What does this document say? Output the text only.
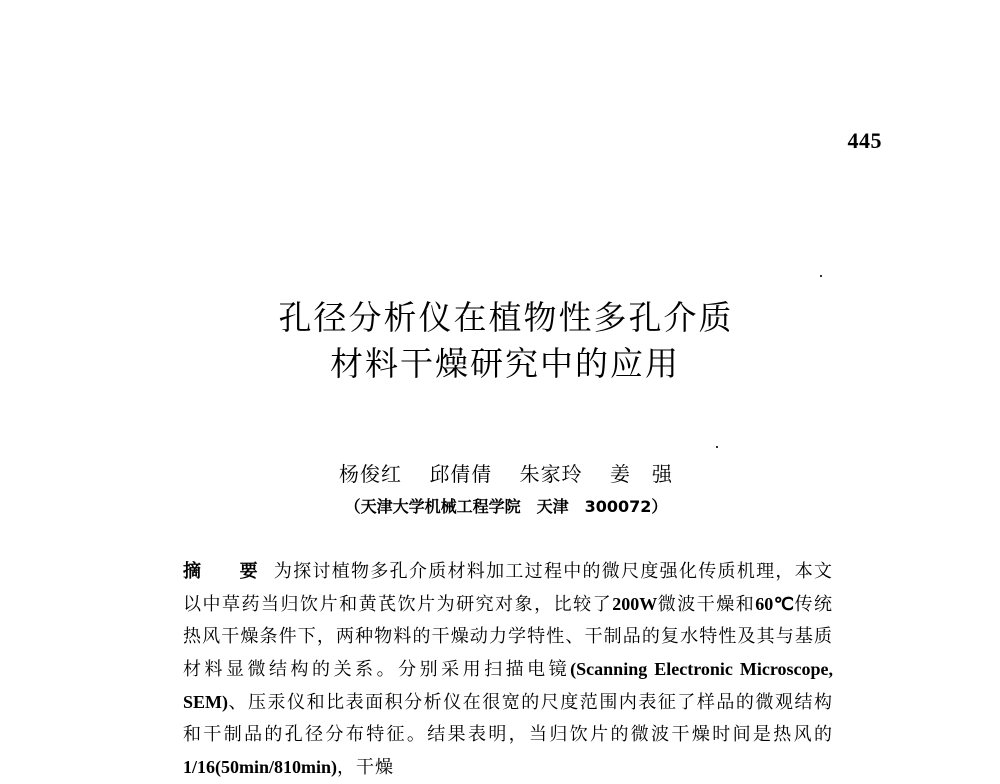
445
孔径分析仪在植物性多孔介质
材料干燥研究中的应用
杨俊红 邱倩倩 朱家玲 姜　强
（天津大学机械工程学院　天津　300072）
摘　要 为探讨植物多孔介质材料加工过程中的微尺度强化传质机理，本文以中草药当归饮片和黄芪饮片为研究对象，比较了200W微波干燥和60℃传统热风干燥条件下，两种物料的干燥动力学特性、干制品的复水特性及其与基质材料显微结构的关系。分别采用扫描电镜(Scanning Electronic Microscope, SEM)、压汞仪和比表面积分析仪在很宽的尺度范围内表征了样品的微观结构和干制品的孔径分布特征。结果表明，当归饮片的微波干燥时间是热风的1/16(50min/810min)，干燥
